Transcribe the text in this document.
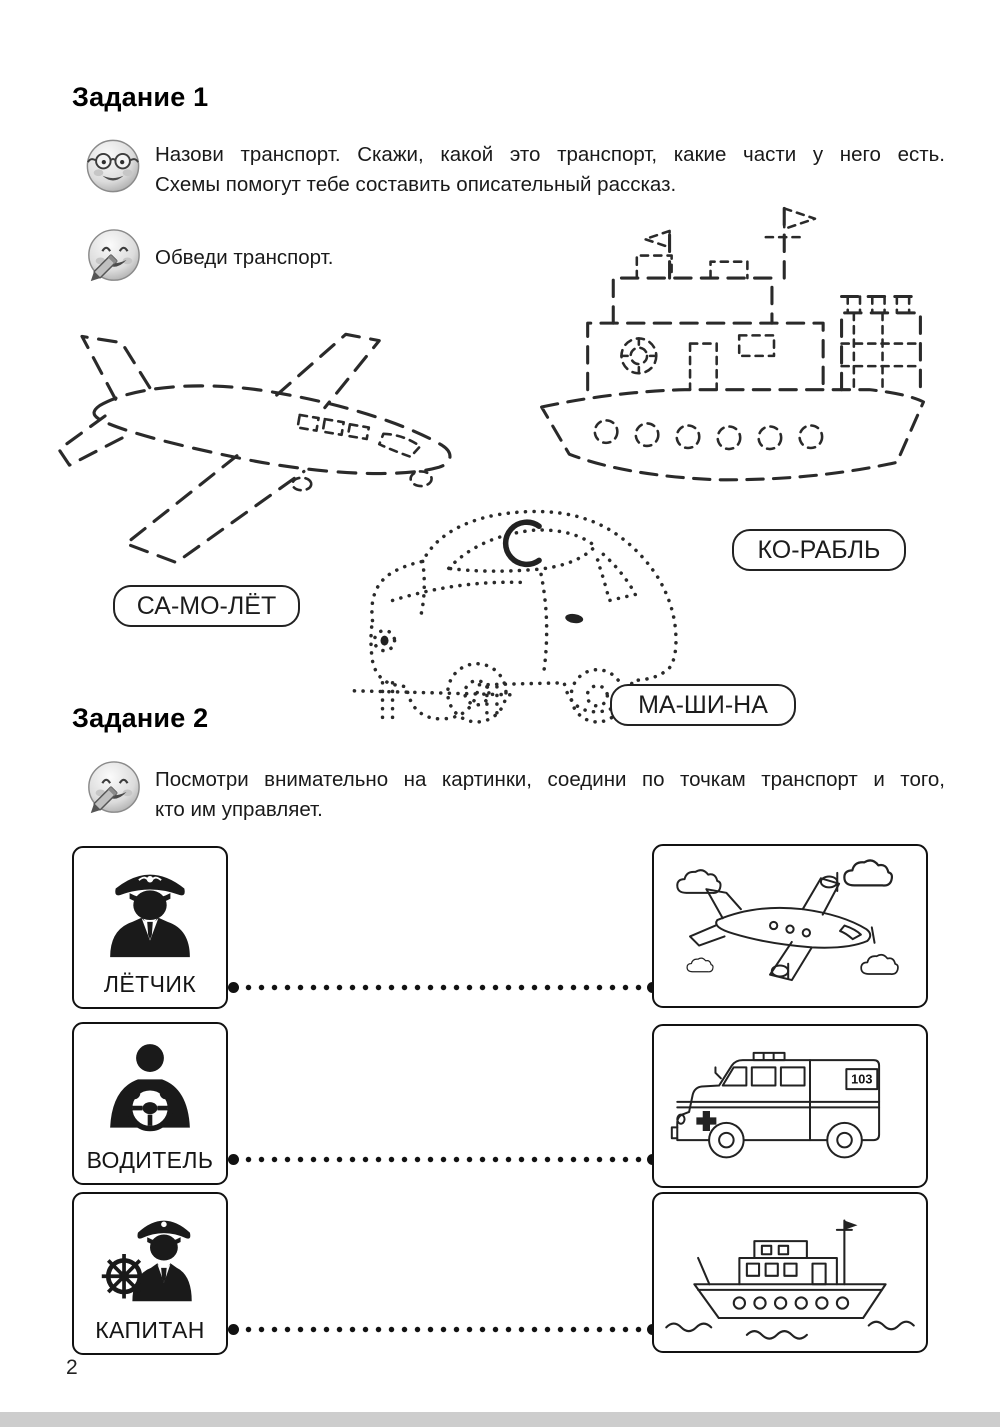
Задание 1
Назови транспорт. Скажи, какой это транспорт, какие части у него есть.
Схемы помогут тебе составить описательный рассказ.
Обведи транспорт.
СА-МО-ЛЁТ
КО-РАБЛЬ
МА-ШИ-НА
Задание 2
Посмотри внимательно на картинки, соедини по точкам транспорт и того,
кто им управляет.
ЛЁТЧИК
ВОДИТЕЛЬ
103
КАПИТАН
2
